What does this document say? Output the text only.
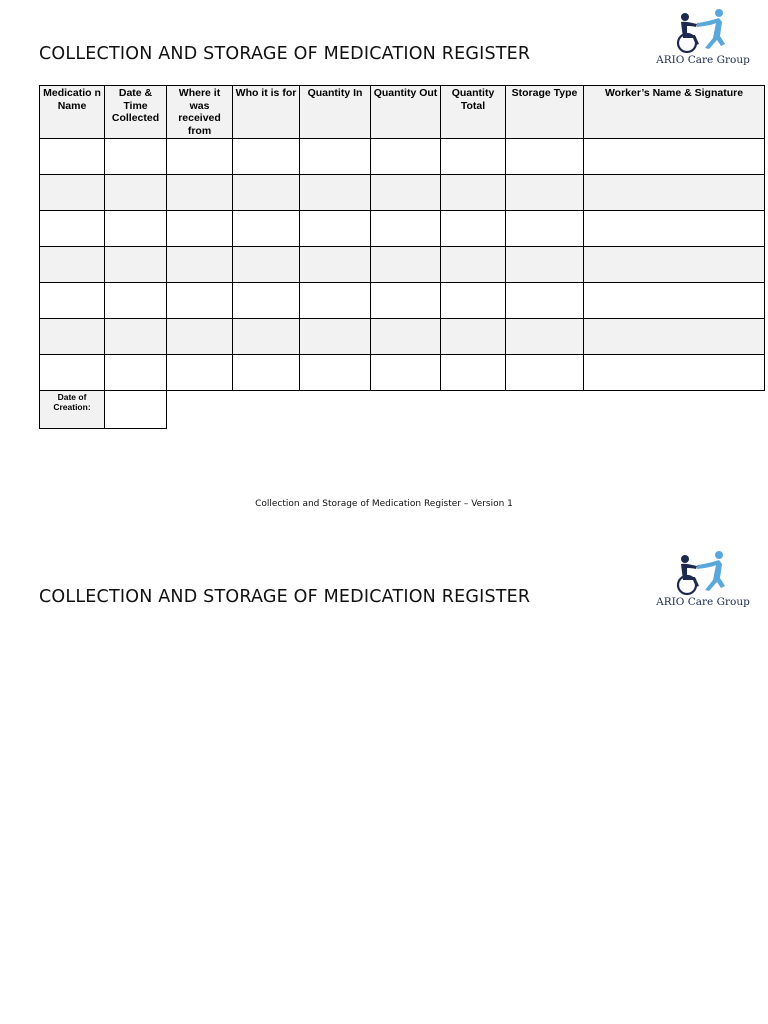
COLLECTION AND STORAGE OF MEDICATION REGISTER	ARIO Care Group
Medicatio n Name	Date & Time Collected	Where it was received from	Who it is for	Quantity In	Quantity Out	Quantity Total	Storage Type	Worker’s Name & Signature

Date of Creation:	
Collection and Storage of Medication Register – Version 1
COLLECTION AND STORAGE OF MEDICATION REGISTER	ARIO Care Group
